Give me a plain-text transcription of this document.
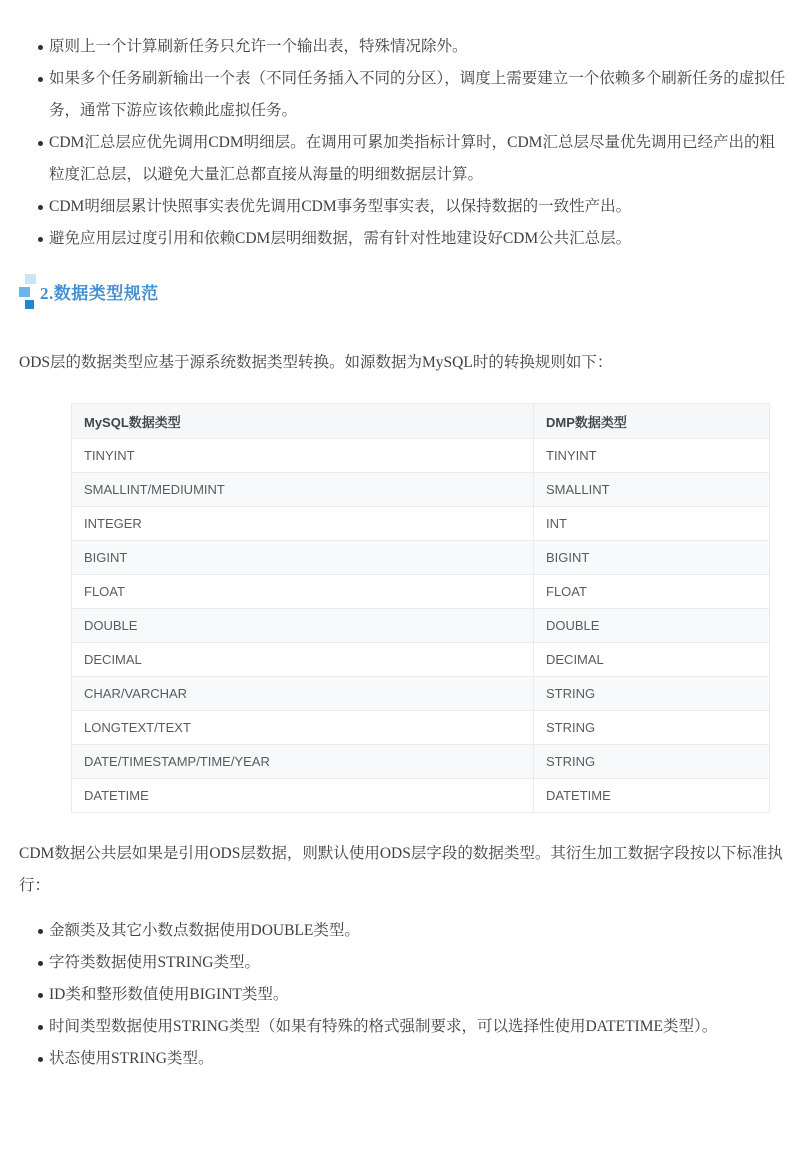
原则上一个计算刷新任务只允许一个输出表，特殊情况除外。
如果多个任务刷新输出一个表（不同任务插入不同的分区），调度上需要建立一个依赖多个刷新任务的虚拟任务，通常下游应该依赖此虚拟任务。
CDM汇总层应优先调用CDM明细层。在调用可累加类指标计算时，CDM汇总层尽量优先调用已经产出的粗粒度汇总层，以避免大量汇总都直接从海量的明细数据层计算。
CDM明细层累计快照事实表优先调用CDM事务型事实表，以保持数据的一致性产出。
避免应用层过度引用和依赖CDM层明细数据，需有针对性地建设好CDM公共汇总层。
2.数据类型规范

ODS层的数据类型应基于源系统数据类型转换。如源数据为MySQL时的转换规则如下：

MySQL数据类型	DMP数据类型
TINYINT	TINYINT
SMALLINT/MEDIUMINT	SMALLINT
INTEGER	INT
BIGINT	BIGINT
FLOAT	FLOAT
DOUBLE	DOUBLE
DECIMAL	DECIMAL
CHAR/VARCHAR	STRING
LONGTEXT/TEXT	STRING
DATE/TIMESTAMP/TIME/YEAR	STRING
DATETIME	DATETIME

CDM数据公共层如果是引用ODS层数据，则默认使用ODS层字段的数据类型。其衍生加工数据字段按以下标准执行：

金额类及其它小数点数据使用DOUBLE类型。
字符类数据使用STRING类型。
ID类和整形数值使用BIGINT类型。
时间类型数据使用STRING类型（如果有特殊的格式强制要求，可以选择性使用DATETIME类型）。
状态使用STRING类型。
